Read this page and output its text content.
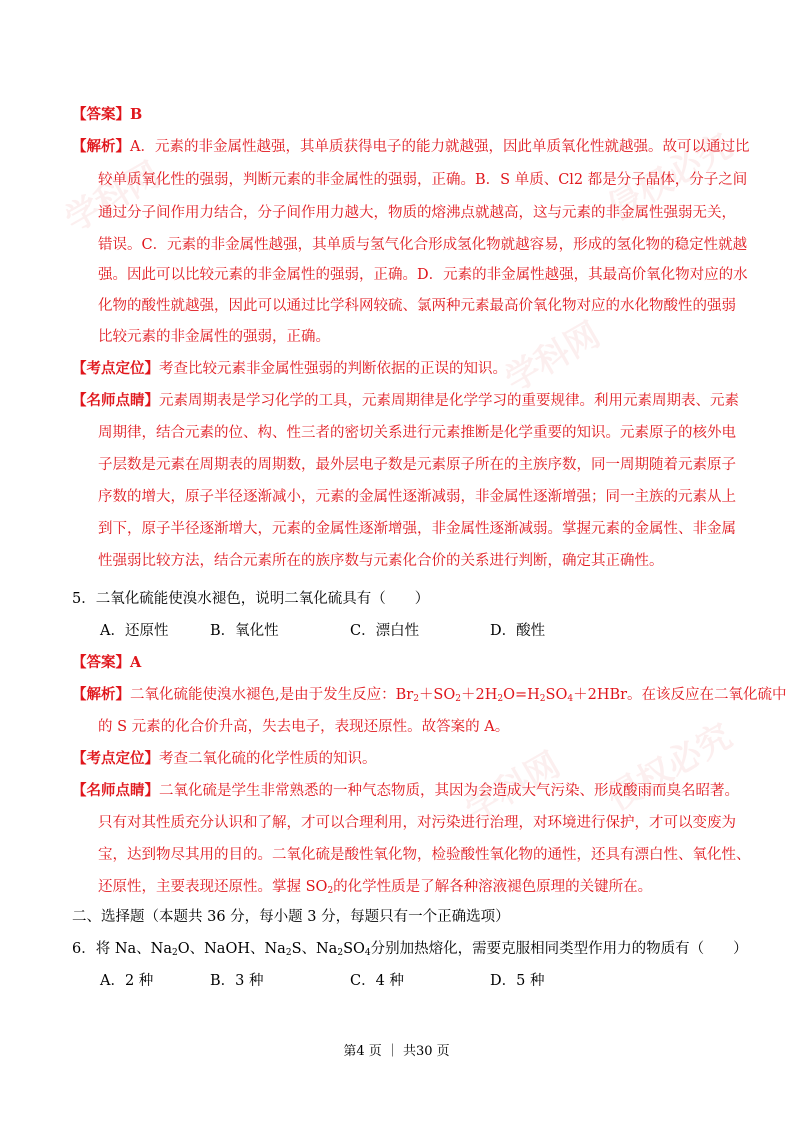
学科网	侵权必究
学科网
侵权必究
学科网
【答案】B
【解析】A．元素的非金属性越强，其单质获得电子的能力就越强，因此单质氧化性就越强。故可以通过比
较单质氧化性的强弱，判断元素的非金属性的强弱，正确。B．S 单质、Cl2 都是分子晶体，分子之间
通过分子间作用力结合，分子间作用力越大，物质的熔沸点就越高，这与元素的非金属性强弱无关，
错误。C．元素的非金属性越强，其单质与氢气化合形成氢化物就越容易，形成的氢化物的稳定性就越
强。因此可以比较元素的非金属性的强弱，正确。D．元素的非金属性越强，其最高价氧化物对应的水
化物的酸性就越强，因此可以通过比学科网较硫、氯两种元素最高价氧化物对应的水化物酸性的强弱
比较元素的非金属性的强弱，正确。
【考点定位】考查比较元素非金属性强弱的判断依据的正误的知识。
【名师点睛】元素周期表是学习化学的工具，元素周期律是化学学习的重要规律。利用元素周期表、元素
周期律，结合元素的位、构、性三者的密切关系进行元素推断是化学重要的知识。元素原子的核外电
子层数是元素在周期表的周期数，最外层电子数是元素原子所在的主族序数，同一周期随着元素原子
序数的增大，原子半径逐渐减小，元素的金属性逐渐减弱，非金属性逐渐增强；同一主族的元素从上
到下，原子半径逐渐增大，元素的金属性逐渐增强，非金属性逐渐减弱。掌握元素的金属性、非金属
性强弱比较方法，结合元素所在的族序数与元素化合价的关系进行判断，确定其正确性。
5．二氧化硫能使溴水褪色，说明二氧化硫具有（　　）
A．还原性	B．氧化性	C．漂白性	D．酸性
【答案】A
【解析】二氧化硫能使溴水褪色,是由于发生反应：$Br_2+SO_2+2H_2O=H_2SO_4+2HBr$。在该反应在二氧化硫中
的 S 元素的化合价升高，失去电子，表现还原性。故答案的 A。
【考点定位】考查二氧化硫的化学性质的知识。
【名师点睛】二氧化硫是学生非常熟悉的一种气态物质，其因为会造成大气污染、形成酸雨而臭名昭著。
只有对其性质充分认识和了解，才可以合理利用，对污染进行治理，对环境进行保护，才可以变废为
宝，达到物尽其用的目的。二氧化硫是酸性氧化物，检验酸性氧化物的通性，还具有漂白性、氧化性、
还原性，主要表现还原性。掌握 $SO_2$的化学性质是了解各种溶液褪色原理的关键所在。
二、选择题（本题共 36 分，每小题 3 分，每题只有一个正确选项）
6．将 Na、$Na_2O$、NaOH、$Na_2S$、$Na_2SO_4$分别加热熔化，需要克服相同类型作用力的物质有（　　）
A．2 种	B．3 种	C．4 种	D．5 种
第4 页 ｜ 共30 页
